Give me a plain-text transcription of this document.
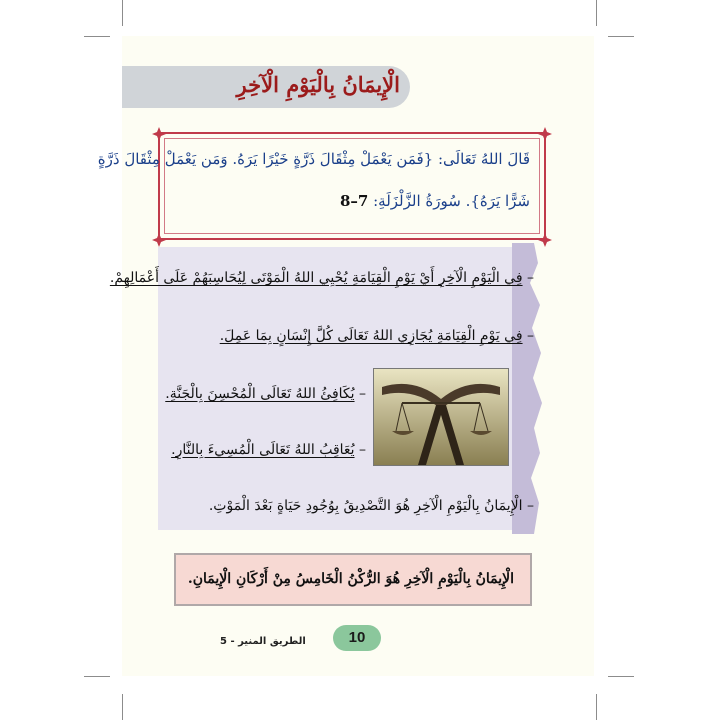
الْإِيمَانُ بِالْيَوْمِ الْآخِرِ
قَالَ اللهُ تَعَالَى: {فَمَن يَعْمَلْ مِثْقَالَ ذَرَّةٍ خَيْرًا يَرَهُ. وَمَن يَعْمَلْ مِثْقَالَ ذَرَّةٍ
شَرًّا يَرَهُ}. سُورَةُ الزَّلْزَلَةِ: 7–8
– فِي الْيَوْمِ الْآخِرِ أَيْ يَوْمِ الْقِيَامَةِ يُحْيِي اللهُ الْمَوْتَى لِيُحَاسِبَهُمْ عَلَى أَعْمَالِهِمْ.
– فِي يَوْمِ الْقِيَامَةِ يُجَازِي اللهُ تَعَالَى كُلَّ إِنْسَانٍ بِمَا عَمِلَ.
– يُكَافِئُ اللهُ تَعَالَى الْمُحْسِنَ بِالْجَنَّةِ.
– يُعَاقِبُ اللهُ تَعَالَى الْمُسِيءَ بِالنَّارِ.
– الْإِيمَانُ بِالْيَوْمِ الْآخِرِ هُوَ التَّصْدِيقُ بِوُجُودِ حَيَاةٍ بَعْدَ الْمَوْتِ.
الْإِيمَانُ بِالْيَوْمِ الْآخِرِ هُوَ الرُّكْنُ الْخَامِسُ مِنْ أَرْكَانِ الْإِيمَانِ.
10
الطريق المنير - 5
